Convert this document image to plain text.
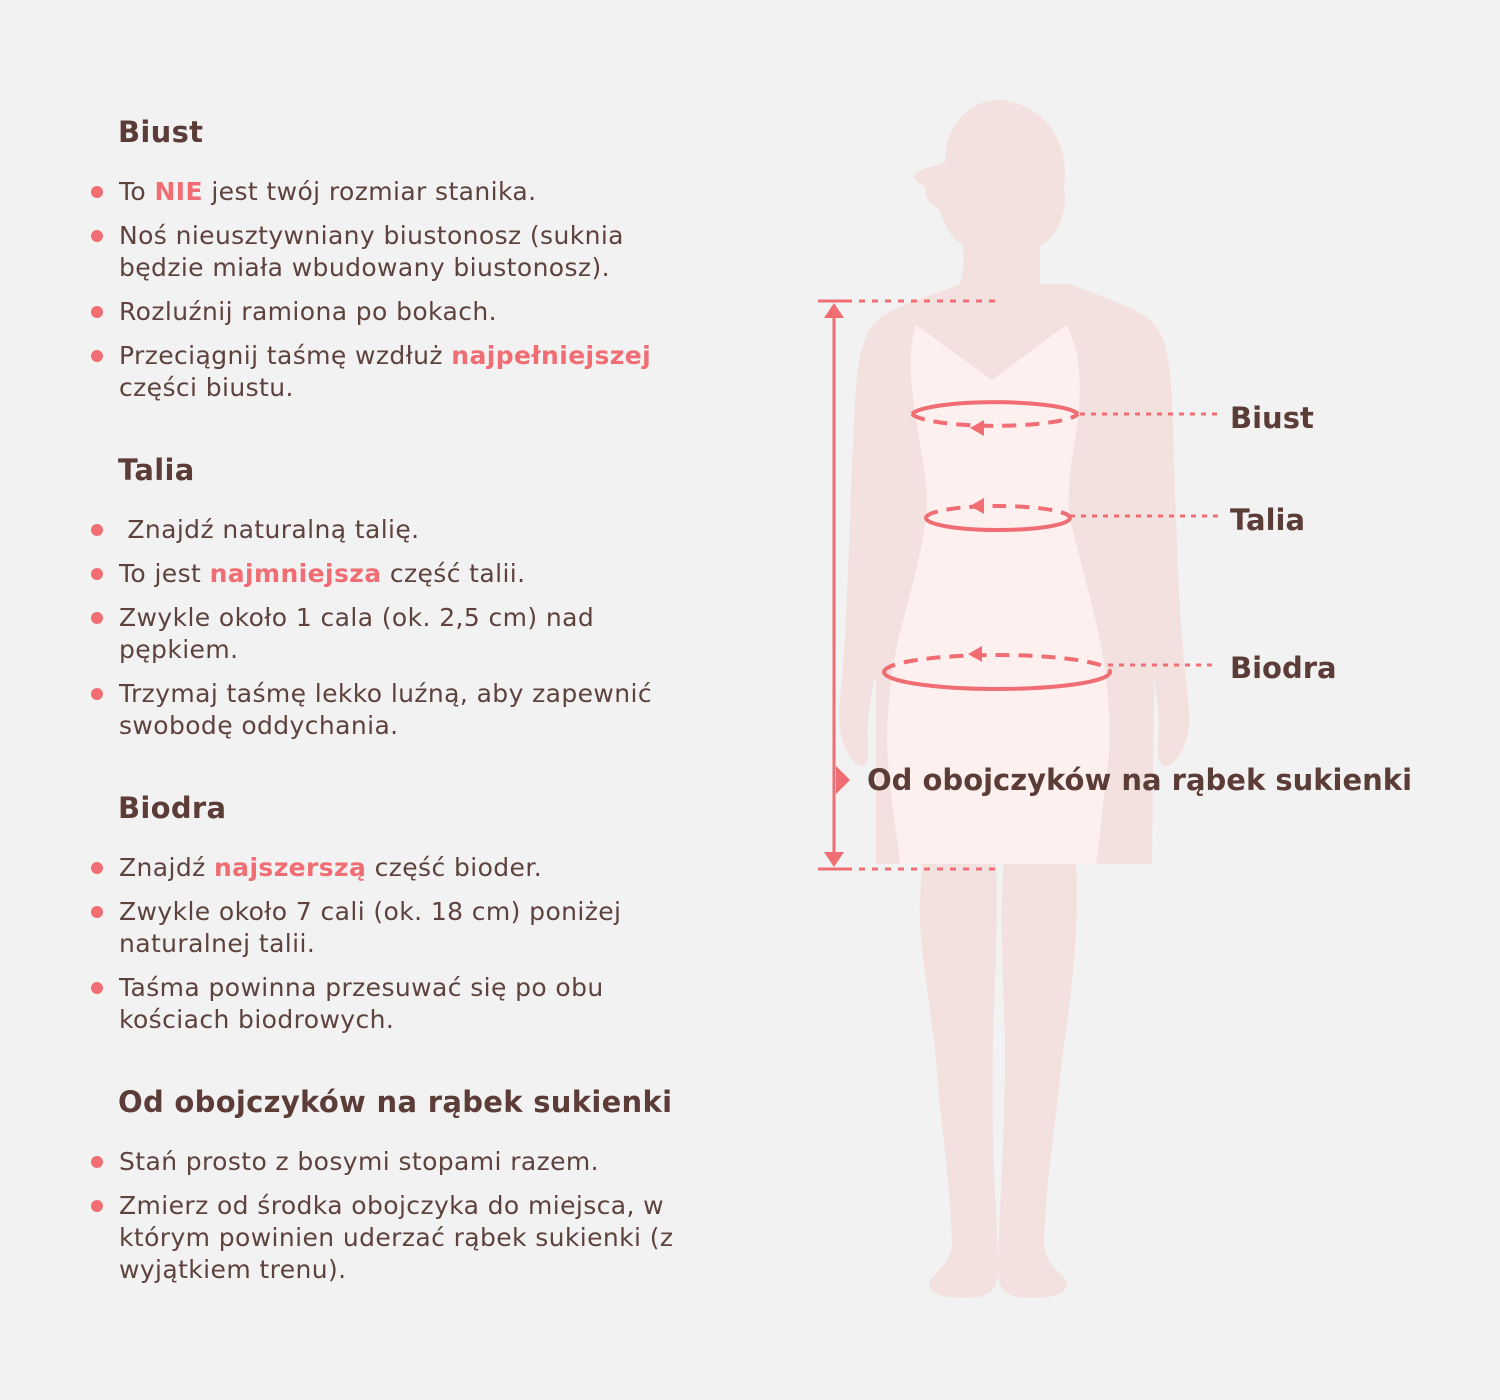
Biust
To NIE jest twój rozmiar stanika.
Noś nieusztywniany biustonosz (suknia będzie miała wbudowany biustonosz).
Rozluźnij ramiona po bokach.
Przeciągnij taśmę wzdłuż najpełniejszej części biustu.
Talia
Znajdź naturalną talię.
To jest najmniejsza część talii.
Zwykle około 1 cala (ok. 2,5 cm) nad pępkiem.
Trzymaj taśmę lekko luźną, aby zapewnić swobodę oddychania.
Biodra
Znajdź najszerszą część bioder.
Zwykle około 7 cali (ok. 18 cm) poniżej naturalnej talii.
Taśma powinna przesuwać się po obu kościach biodrowych.
Od obojczyków na rąbek sukienki
Stań prosto z bosymi stopami razem.
Zmierz od środka obojczyka do miejsca, w którym powinien uderzać rąbek sukienki (z wyjątkiem trenu).

Biust

Talia

Biodra

Od obojczyków na rąbek sukienki
